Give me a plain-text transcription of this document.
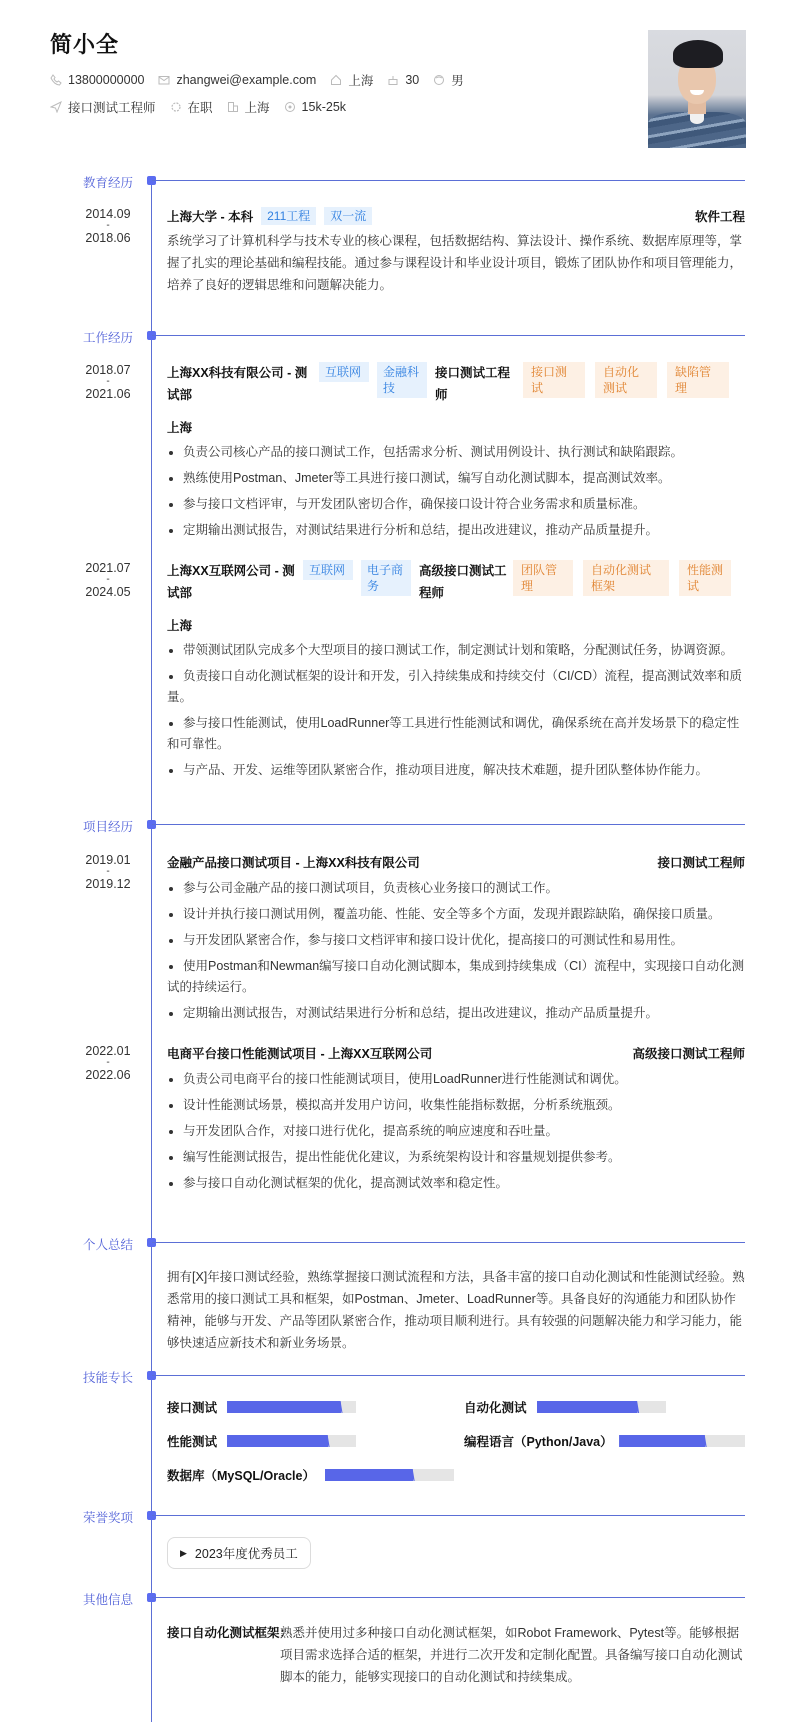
简小全
13800000000	zhangwei@example.com	上海	30	男
接口测试工程师	在职	上海	15k-25k
教育经历
2014.09
-
2018.06
上海大学 - 本科	211工程	双一流	软件工程
系统学习了计算机科学与技术专业的核心课程，包括数据结构、算法设计、操作系统、数据库原理等，掌握了扎实的理论基础和编程技能。通过参与课程设计和毕业设计项目，锻炼了团队协作和项目管理能力，培养了良好的逻辑思维和问题解决能力。
工作经历
2018.07
-
2021.06
上海XX科技有限公司 - 测试部
互联网	金融科技
接口测试工程师
接口测试
自动化测试
缺陷管理
上海
负责公司核心产品的接口测试工作，包括需求分析、测试用例设计、执行测试和缺陷跟踪。
熟练使用Postman、Jmeter等工具进行接口测试，编写自动化测试脚本，提高测试效率。
参与接口文档评审，与开发团队密切合作，确保接口设计符合业务需求和质量标准。
定期输出测试报告，对测试结果进行分析和总结，提出改进建议，推动产品质量提升。
2021.07
-
2024.05
上海XX互联网公司 - 测试部
互联网	电子商务
高级接口测试工程师
团队管理
自动化测试框架
性能测试
上海
带领测试团队完成多个大型项目的接口测试工作，制定测试计划和策略，分配测试任务，协调资源。
负责接口自动化测试框架的设计和开发，引入持续集成和持续交付（CI/CD）流程，提高测试效率和质量。
参与接口性能测试，使用LoadRunner等工具进行性能测试和调优，确保系统在高并发场景下的稳定性和可靠性。
与产品、开发、运维等团队紧密合作，推动项目进度，解决技术难题，提升团队整体协作能力。
项目经历
2019.01
-
2019.12
金融产品接口测试项目 - 上海XX科技有限公司	接口测试工程师
参与公司金融产品的接口测试项目，负责核心业务接口的测试工作。
设计并执行接口测试用例，覆盖功能、性能、安全等多个方面，发现并跟踪缺陷，确保接口质量。
与开发团队紧密合作，参与接口文档评审和接口设计优化，提高接口的可测试性和易用性。
使用Postman和Newman编写接口自动化测试脚本，集成到持续集成（CI）流程中，实现接口自动化测试的持续运行。
定期输出测试报告，对测试结果进行分析和总结，提出改进建议，推动产品质量提升。
2022.01
-
2022.06
电商平台接口性能测试项目 - 上海XX互联网公司	高级接口测试工程师
负责公司电商平台的接口性能测试项目，使用LoadRunner进行性能测试和调优。
设计性能测试场景，模拟高并发用户访问，收集性能指标数据，分析系统瓶颈。
与开发团队合作，对接口进行优化，提高系统的响应速度和吞吐量。
编写性能测试报告，提出性能优化建议，为系统架构设计和容量规划提供参考。
参与接口自动化测试框架的优化，提高测试效率和稳定性。
个人总结
拥有[X]年接口测试经验，熟练掌握接口测试流程和方法，具备丰富的接口自动化测试和性能测试经验。熟悉常用的接口测试工具和框架，如Postman、Jmeter、LoadRunner等。具备良好的沟通能力和团队协作精神，能够与开发、产品等团队紧密合作，推动项目顺利进行。具有较强的问题解决能力和学习能力，能够快速适应新技术和新业务场景。
技能专长
接口测试	自动化测试
性能测试	编程语言（Python/Java）
数据库（MySQL/Oracle）
荣誉奖项
▶ 2023年度优秀员工
其他信息
接口自动化测试框架：
熟悉并使用过多种接口自动化测试框架，如Robot Framework、Pytest等。能够根据项目需求选择合适的框架，并进行二次开发和定制化配置。具备编写接口自动化测试脚本的能力，能够实现接口的自动化测试和持续集成。
